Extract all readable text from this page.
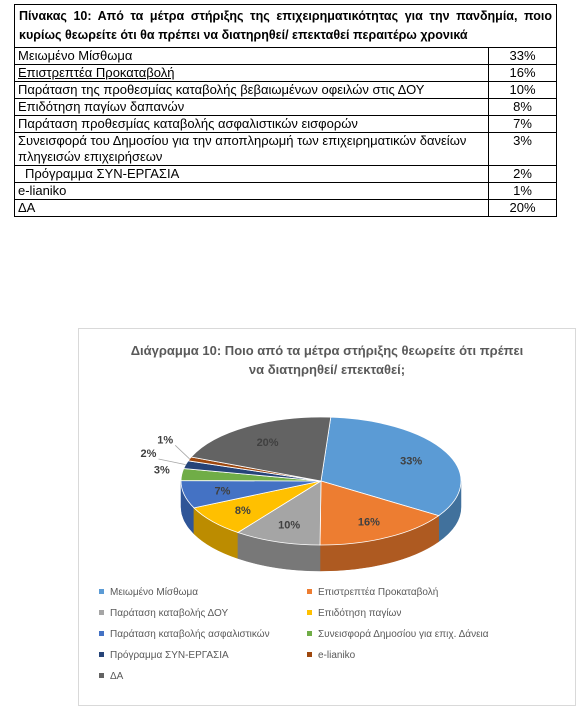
Πίνακας 10: Από τα μέτρα στήριξης της επιχειρηματικότητας για την πανδημία, ποιο κυρίως θεωρείτε ότι θα πρέπει να διατηρηθεί/ επεκταθεί περαιτέρω χρονικά	
Μειωμένο Μίσθωμα	33%
Επιστρεπτέα Προκαταβολή	16%
Παράταση της προθεσμίας καταβολής βεβαιωμένων οφειλών στις ΔΟΥ	10%
Επιδότηση παγίων δαπανών	8%
Παράταση προθεσμίας καταβολής ασφαλιστικών εισφορών	7%
Συνεισφορά του Δημοσίου για την αποπληρωμή των επιχειρηματικών δανείων πληγεισών επιχειρήσεων	3%
Πρόγραμμα ΣΥΝ-ΕΡΓΑΣΙΑ	2%
e-lianiko	1%
ΔΑ	20%
Διάγραμμα 10: Ποιο από τα μέτρα στήριξης θεωρείτε ότι πρέπει
να διατηρηθεί/ επεκταθεί;
33%
16%
10%
8%
7%
3%
2%
1%	20%
Μειωμένο Μίσθωμα	Επιστρεπτέα Προκαταβολή
Παράταση καταβολής ΔΟΥ	Επιδότηση παγίων
Παράταση καταβολής ασφαλιστικών	Συνεισφορά Δημοσίου για επιχ. Δάνεια
Πρόγραμμα ΣΥΝ-ΕΡΓΑΣΙΑ	e-lianiko
ΔΑ
